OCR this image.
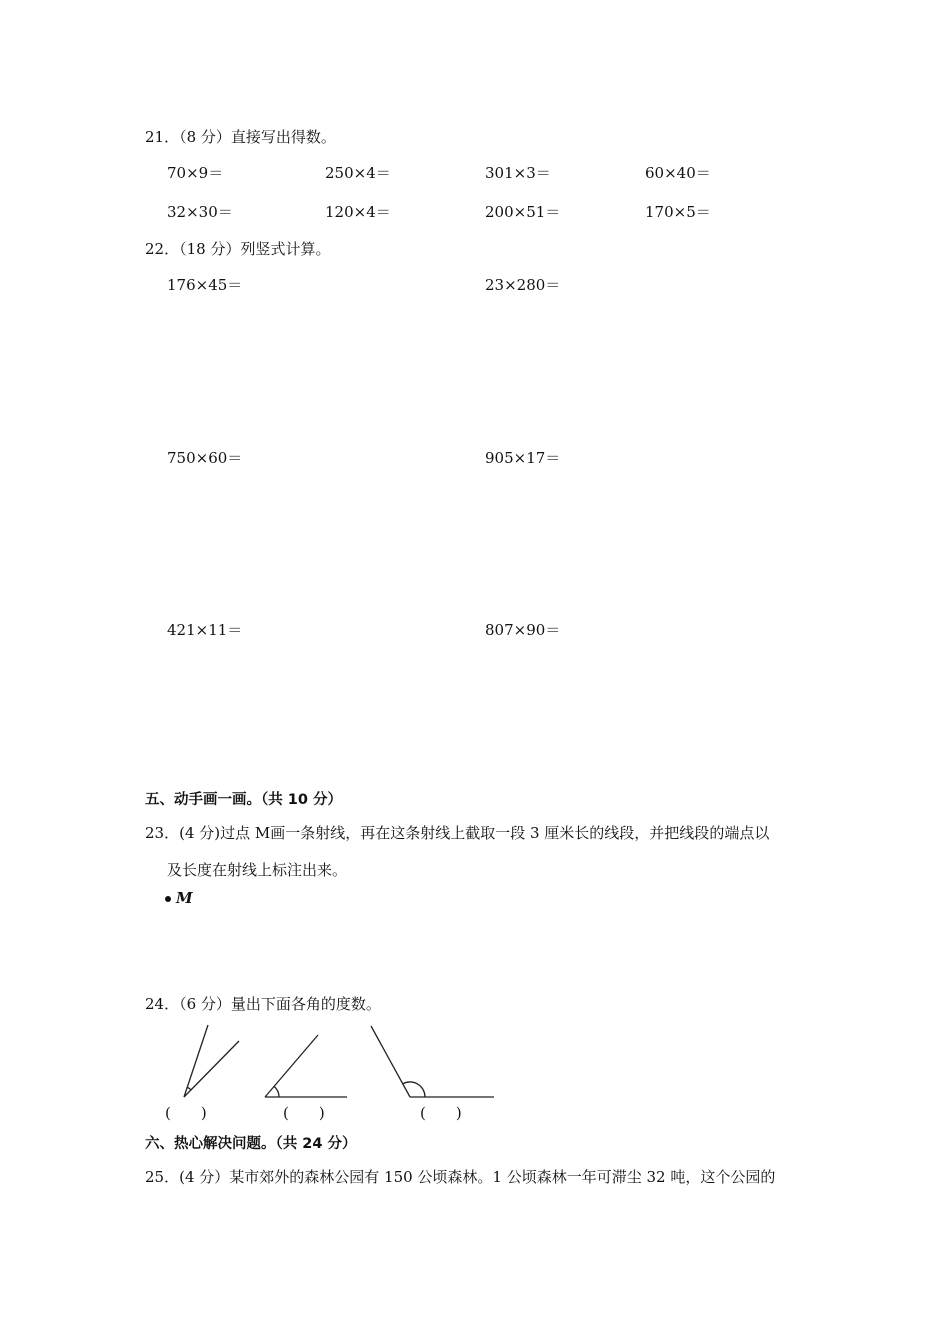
21．（8 分）直接写出得数。
70×9＝	250×4＝	301×3＝	60×40＝
32×30＝	120×4＝	200×51＝	170×5＝
22．（18 分）列竖式计算。
176×45＝	23×280＝
750×60＝	905×17＝
421×11＝	807×90＝
五、动手画一画。（共 10 分）
23．(4 分)过点 M画一条射线，再在这条射线上截取一段 3 厘米长的线段，并把线段的端点以
及长度在射线上标注出来。
M
24．（6 分）量出下面各角的度数。
(　　)	(　　)	(　　)
六、热心解决问题。（共 24 分）
25．(4 分）某市郊外的森林公园有 150 公顷森林。1 公顷森林一年可滞尘 32 吨，这个公园的
